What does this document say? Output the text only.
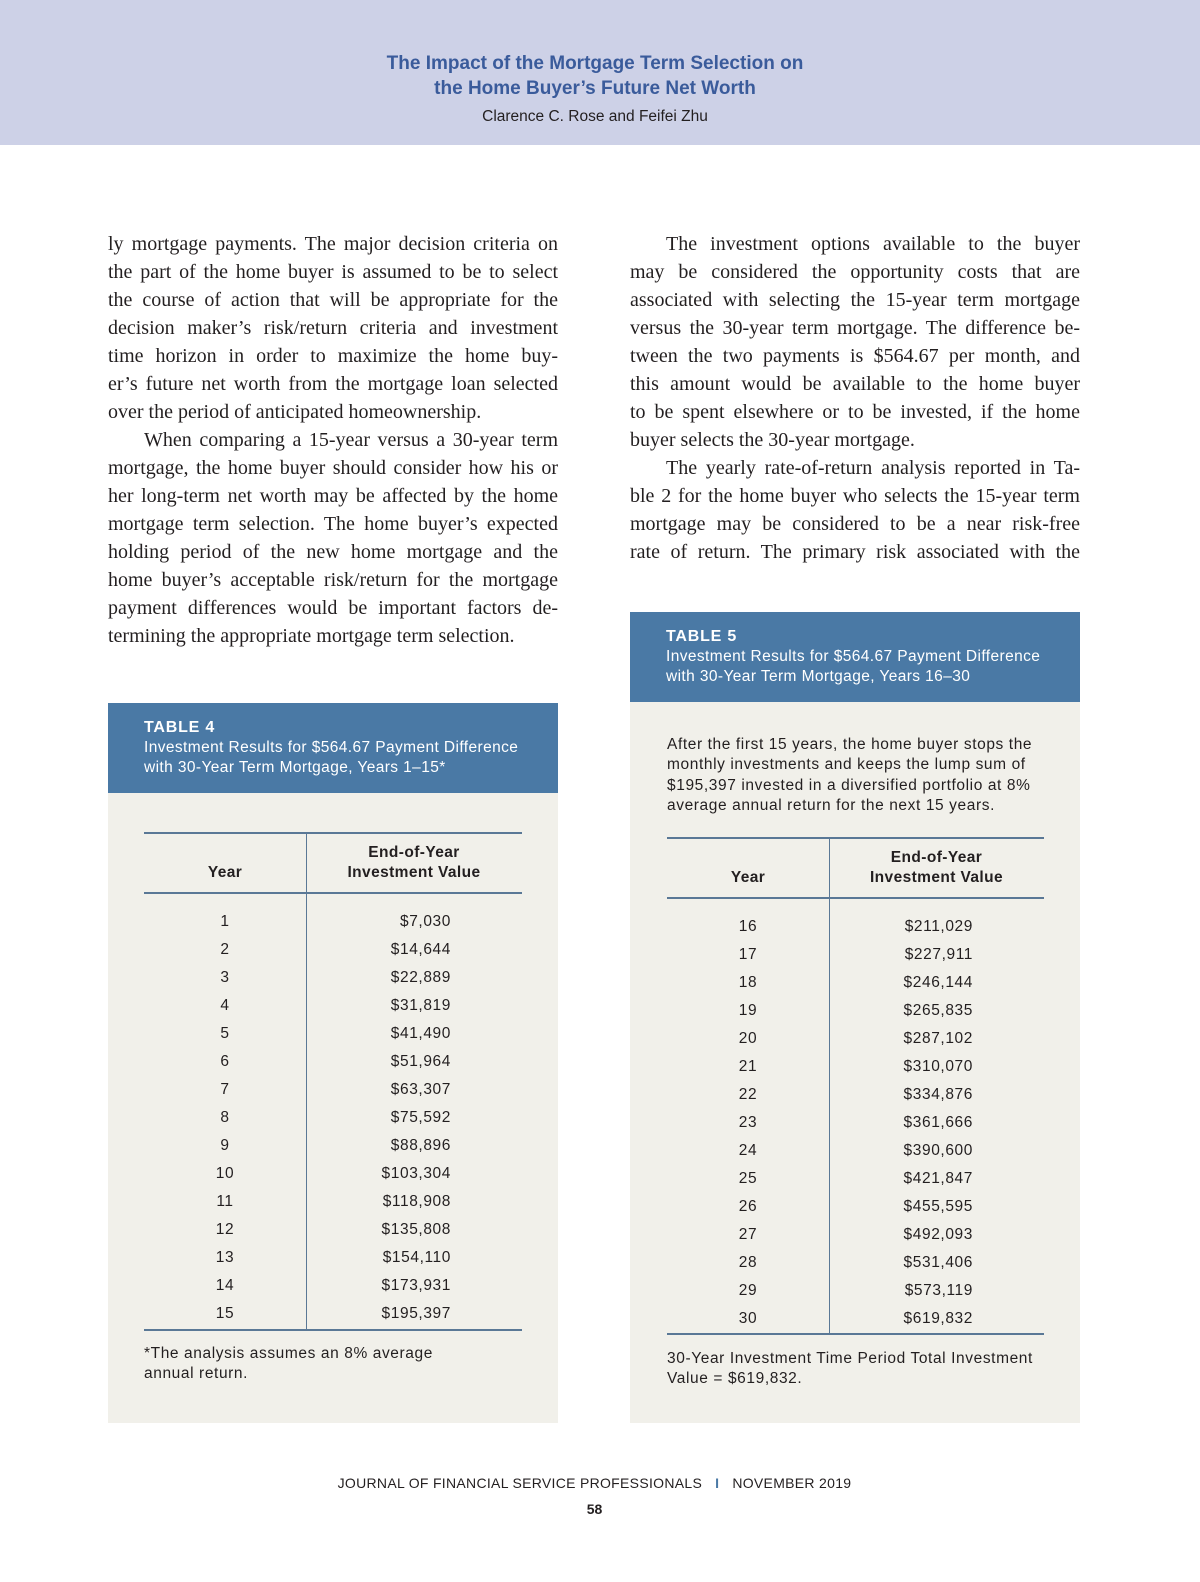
The Impact of the Mortgage Term Selection on
the Home Buyer’s Future Net Worth
Clarence C. Rose and Feifei Zhu
ly mortgage payments. The major decision criteria on
the part of the home buyer is assumed to be to select
the course of action that will be appropriate for the
decision maker’s risk/return criteria and investment
time horizon in order to maximize the home buy-
er’s future net worth from the mortgage loan selected
over the period of anticipated homeownership.
When comparing a 15-year versus a 30-year term
mortgage, the home buyer should consider how his or
her long-term net worth may be affected by the home
mortgage term selection. The home buyer’s expected
holding period of the new home mortgage and the
home buyer’s acceptable risk/return for the mortgage
payment differences would be important factors de-
termining the appropriate mortgage term selection.
The investment options available to the buyer
may be considered the opportunity costs that are
associated with selecting the 15-year term mortgage
versus the 30-year term mortgage. The difference be-
tween the two payments is $564.67 per month, and
this amount would be available to the home buyer
to be spent elsewhere or to be invested, if the home
buyer selects the 30-year mortgage.
The yearly rate-of-return analysis reported in Ta-
ble 2 for the home buyer who selects the 15-year term
mortgage may be considered to be a near risk-free
rate of return. The primary risk associated with the
TABLE 4
Investment Results for $564.67 Payment Difference
with 30-Year Term Mortgage, Years 1–15*
Year
End-of-Year
Investment Value
1	$7,030
2	$14,644
3	$22,889
4	$31,819
5	$41,490
6	$51,964
7	$63,307
8	$75,592
9	$88,896
10	$103,304
11	$118,908
12	$135,808
13	$154,110
14	$173,931
15	$195,397
*The analysis assumes an 8% average
annual return.
TABLE 5
Investment Results for $564.67 Payment Difference
with 30-Year Term Mortgage, Years 16–30
After the first 15 years, the home buyer stops the
monthly investments and keeps the lump sum of
$195,397 invested in a diversified portfolio at 8%
average annual return for the next 15 years.
Year
End-of-Year
Investment Value
16	$211,029
17	$227,911
18	$246,144
19	$265,835
20	$287,102
21	$310,070
22	$334,876
23	$361,666
24	$390,600
25	$421,847
26	$455,595
27	$492,093
28	$531,406
29	$573,119
30	$619,832
30-Year Investment Time Period Total Investment
Value = $619,832.
JOURNAL OF FINANCIAL SERVICE PROFESSIONALS I NOVEMBER 2019
58
